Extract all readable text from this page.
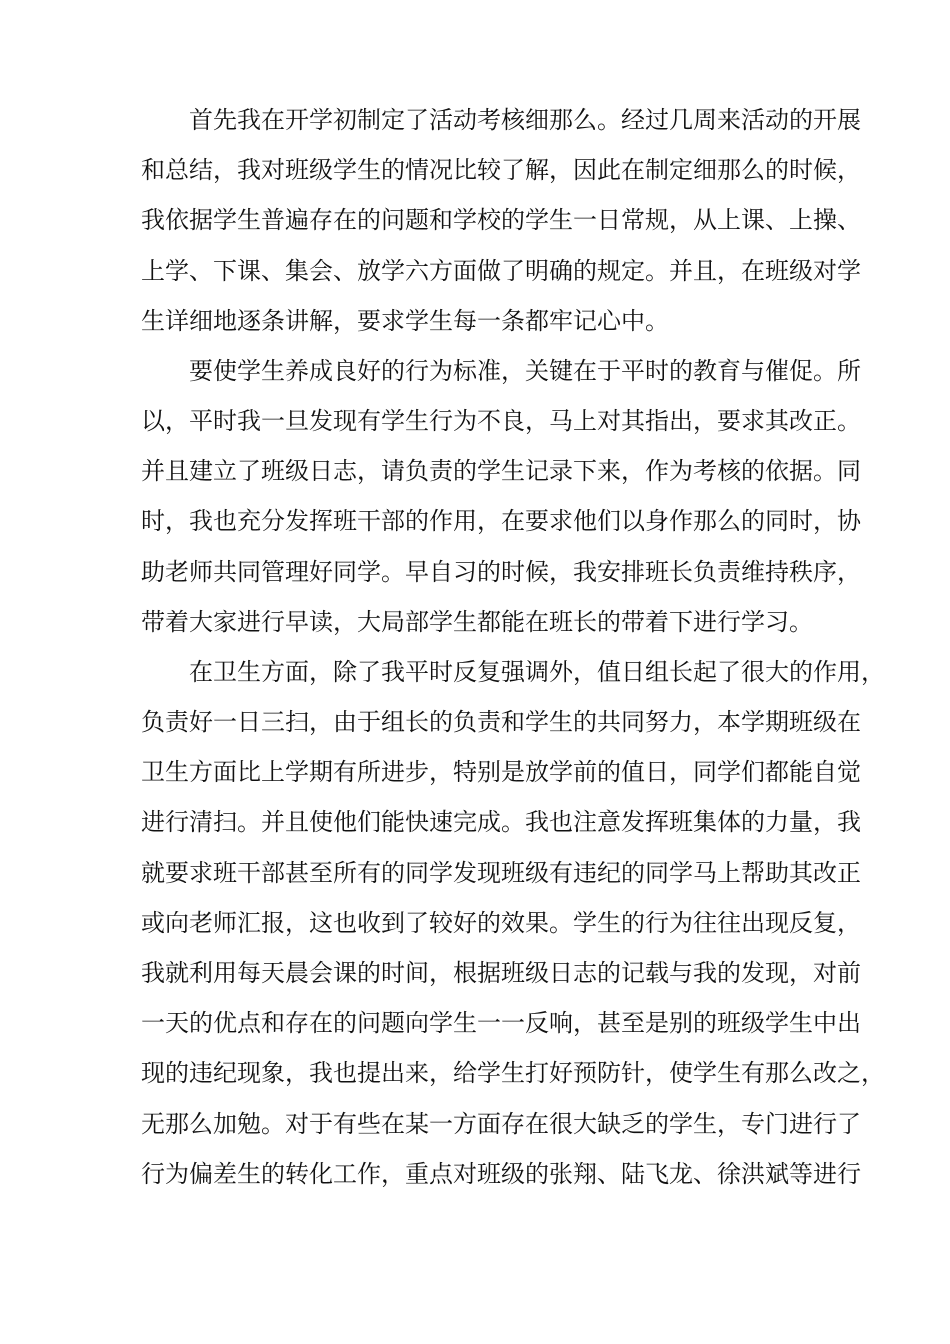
首先我在开学初制定了活动考核细那么。经过几周来活动的开展
和总结，我对班级学生的情况比较了解，因此在制定细那么的时候，
我依据学生普遍存在的问题和学校的学生一日常规，从上课、上操、
上学、下课、集会、放学六方面做了明确的规定。并且，在班级对学
生详细地逐条讲解，要求学生每一条都牢记心中。
要使学生养成良好的行为标准，关键在于平时的教育与催促。所
以，平时我一旦发现有学生行为不良，马上对其指出，要求其改正。
并且建立了班级日志，请负责的学生记录下来，作为考核的依据。同
时，我也充分发挥班干部的作用，在要求他们以身作那么的同时，协
助老师共同管理好同学。早自习的时候，我安排班长负责维持秩序，
带着大家进行早读，大局部学生都能在班长的带着下进行学习。
在卫生方面，除了我平时反复强调外，值日组长起了很大的作用，
负责好一日三扫，由于组长的负责和学生的共同努力，本学期班级在
卫生方面比上学期有所进步，特别是放学前的值日，同学们都能自觉
进行清扫。并且使他们能快速完成。我也注意发挥班集体的力量，我
就要求班干部甚至所有的同学发现班级有违纪的同学马上帮助其改正
或向老师汇报，这也收到了较好的效果。学生的行为往往出现反复，
我就利用每天晨会课的时间，根据班级日志的记载与我的发现，对前
一天的优点和存在的问题向学生一一反响，甚至是别的班级学生中出
现的违纪现象，我也提出来，给学生打好预防针，使学生有那么改之，
无那么加勉。对于有些在某一方面存在很大缺乏的学生，专门进行了
行为偏差生的转化工作，重点对班级的张翔、陆飞龙、徐洪斌等进行
